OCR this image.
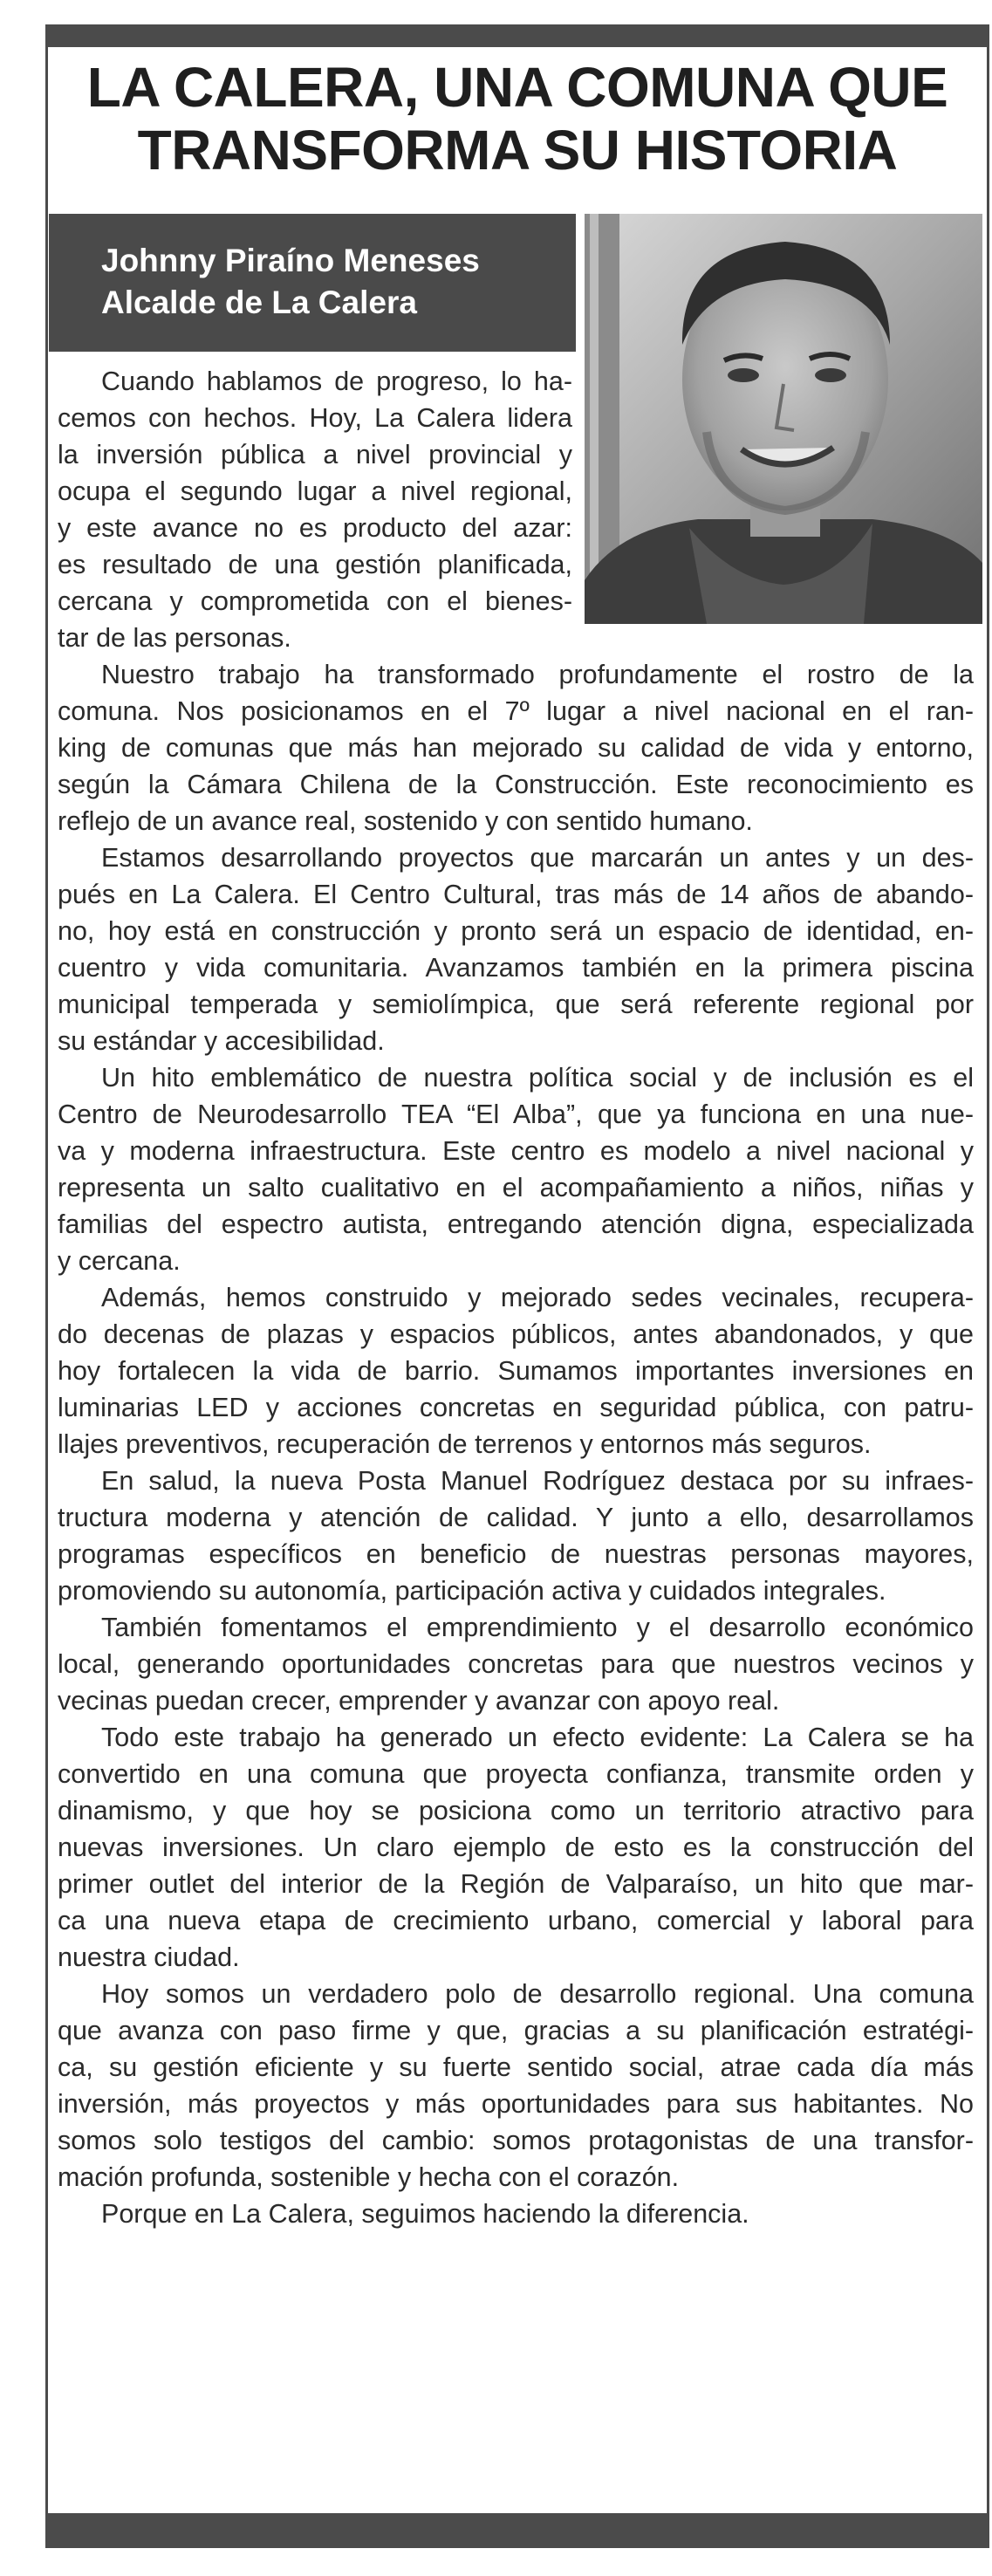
LA CALERA, UNA COMUNA QUE
TRANSFORMA SU HISTORIA
Johnny Piraíno Meneses
Alcalde de La Calera

Cuando hablamos de progreso, lo ha-
cemos con hechos. Hoy, La Calera lidera
la inversión pública a nivel provincial y
ocupa el segundo lugar a nivel regional,
y este avance no es producto del azar:
es resultado de una gestión planificada,
cercana y comprometida con el bienes-
tar de las personas.

Nuestro trabajo ha transformado profundamente el rostro de la
comuna. Nos posicionamos en el 7º lugar a nivel nacional en el ran-
king de comunas que más han mejorado su calidad de vida y entorno,
según la Cámara Chilena de la Construcción. Este reconocimiento es
reflejo de un avance real, sostenido y con sentido humano.

Estamos desarrollando proyectos que marcarán un antes y un des-
pués en La Calera. El Centro Cultural, tras más de 14 años de abando-
no, hoy está en construcción y pronto será un espacio de identidad, en-
cuentro y vida comunitaria. Avanzamos también en la primera piscina
municipal temperada y semiolímpica, que será referente regional por
su estándar y accesibilidad.

Un hito emblemático de nuestra política social y de inclusión es el
Centro de Neurodesarrollo TEA “El Alba”, que ya funciona en una nue-
va y moderna infraestructura. Este centro es modelo a nivel nacional y
representa un salto cualitativo en el acompañamiento a niños, niñas y
familias del espectro autista, entregando atención digna, especializada
y cercana.

Además, hemos construido y mejorado sedes vecinales, recupera-
do decenas de plazas y espacios públicos, antes abandonados, y que
hoy fortalecen la vida de barrio. Sumamos importantes inversiones en
luminarias LED y acciones concretas en seguridad pública, con patru-
llajes preventivos, recuperación de terrenos y entornos más seguros.

En salud, la nueva Posta Manuel Rodríguez destaca por su infraes-
tructura moderna y atención de calidad. Y junto a ello, desarrollamos
programas específicos en beneficio de nuestras personas mayores,
promoviendo su autonomía, participación activa y cuidados integrales.

También fomentamos el emprendimiento y el desarrollo económico
local, generando oportunidades concretas para que nuestros vecinos y
vecinas puedan crecer, emprender y avanzar con apoyo real.

Todo este trabajo ha generado un efecto evidente: La Calera se ha
convertido en una comuna que proyecta confianza, transmite orden y
dinamismo, y que hoy se posiciona como un territorio atractivo para
nuevas inversiones. Un claro ejemplo de esto es la construcción del
primer outlet del interior de la Región de Valparaíso, un hito que mar-
ca una nueva etapa de crecimiento urbano, comercial y laboral para
nuestra ciudad.

Hoy somos un verdadero polo de desarrollo regional. Una comuna
que avanza con paso firme y que, gracias a su planificación estratégi-
ca, su gestión eficiente y su fuerte sentido social, atrae cada día más
inversión, más proyectos y más oportunidades para sus habitantes. No
somos solo testigos del cambio: somos protagonistas de una transfor-
mación profunda, sostenible y hecha con el corazón.

Porque en La Calera, seguimos haciendo la diferencia.
